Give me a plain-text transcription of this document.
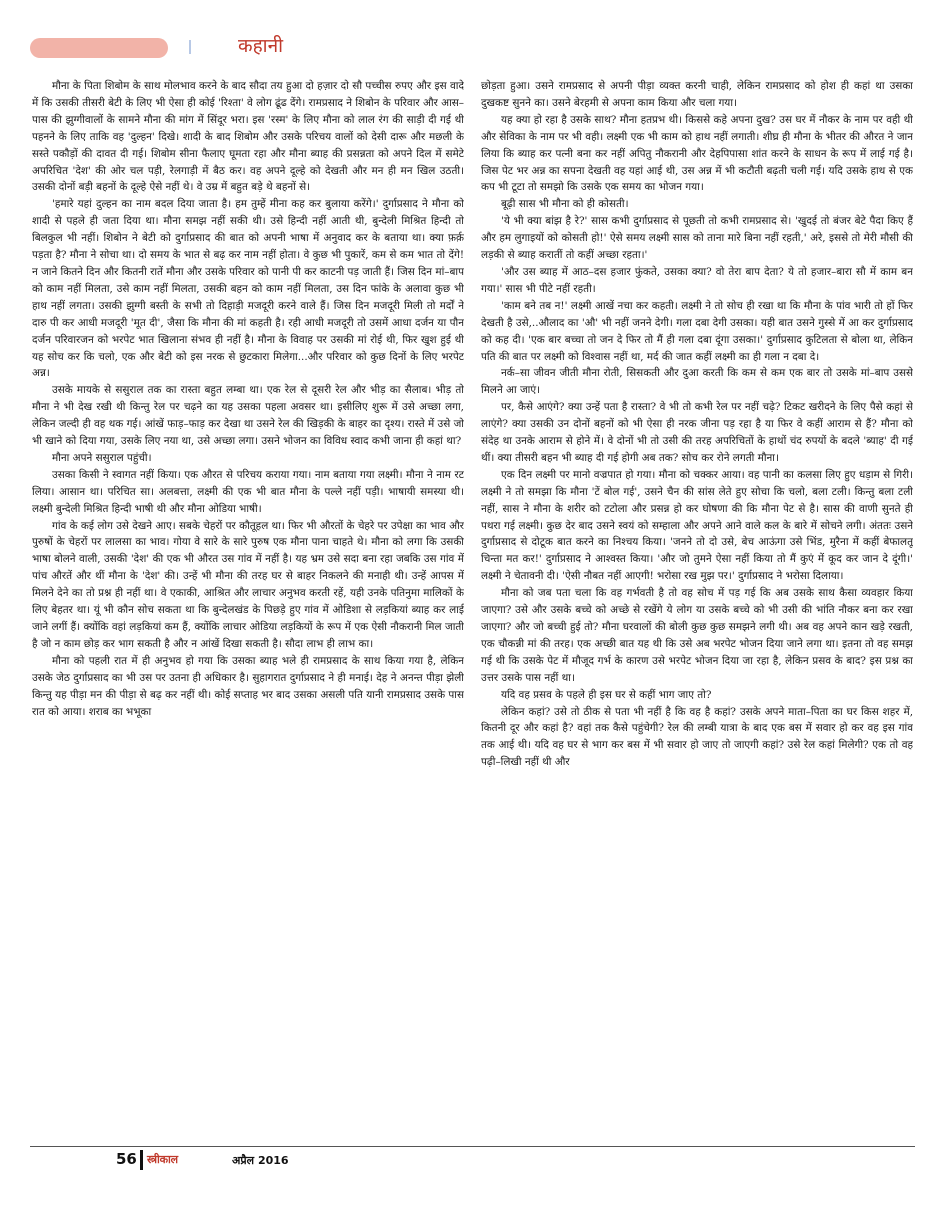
कहानी

मौना के पिता शिबोम के साथ मोलभाव करने के बाद सौदा तय हुआ दो हज़ार दो सौ पच्चीस रुपए और इस वादे में कि उसकी तीसरी बेटी के लिए भी ऐसा ही कोई 'रिश्ता' वे लोग ढूंढ देंगे। रामप्रसाद ने शिबोन के परिवार और आस–पास की झुग्गीवालों के सामने मौना की मांग में सिंदूर भरा। इस 'रस्म' के लिए मौना को लाल रंग की साड़ी दी गई थी पहनने के लिए ताकि वह 'दुल्हन' दिखे। शादी के बाद शिबोम और उसके परिचय वालों को देसी दारू और मछली के सस्ते पकौड़ों की दावत दी गई। शिबोम सीना फैलाए घूमता रहा और मौना ब्याह की प्रसन्नता को अपने दिल में समेटे अपरिचित 'देश' की ओर चल पड़ी, रेलगाड़ी में बैठ कर। वह अपने दूल्हे को देखती और मन ही मन खिल उठती। उसकी दोनों बड़ी बहनों के दूल्हे ऐसे नहीं थे। वे उम्र में बहुत बड़े थे बहनों से।

'हमारे यहां दुल्हन का नाम बदल दिया जाता है। हम तुम्हें मीना कह कर बुलाया करेंगे।' दुर्गाप्रसाद ने मौना को शादी से पहले ही जता दिया था। मौना समझ नहीं सकी थी। उसे हिन्दी नहीं आती थी, बुन्देली मिश्रित हिन्दी तो बिलकुल भी नहीं। शिबोन ने बेटी को दुर्गाप्रसाद की बात को अपनी भाषा में अनुवाद कर के बताया था। क्या फ़र्क़ पड़ता है? मौना ने सोचा था। दो समय के भात से बढ़ कर नाम नहीं होता। वे कुछ भी पुकारें, कम से कम भात तो देंगे! न जाने कितने दिन और कितनी रातें मौना और उसके परिवार को पानी पी कर काटनी पड़ जाती हैं। जिस दिन मां–बाप को काम नहीं मिलता, उसे काम नहीं मिलता, उसकी बहन को काम नहीं मिलता, उस दिन फांके के अलावा कुछ भी हाथ नहीं लगता। उसकी झुग्गी बस्ती के सभी तो दिहाड़ी मजदूरी करने वाले हैं। जिस दिन मजदूरी मिली तो मर्दों ने दारु पी कर आधी मजदूरी 'मूत दी', जैसा कि मौना की मां कहती है। रही आधी मजदूरी तो उसमें आधा दर्जन या पौन दर्जन परिवारजन को भरपेट भात खिलाना संभव ही नहीं है। मौना के विवाह पर उसकी मां रोई थी, फिर खुश हुई थी यह सोच कर कि चलो, एक और बेटी को इस नरक से छुटकारा मिलेगा...और परिवार को कुछ दिनों के लिए भरपेट अन्न।

उसके मायके से ससुराल तक का रास्ता बहुत लम्बा था। एक रेल से दूसरी रेल और भीड़ का सैलाब। भीड़ तो मौना ने भी देख रखी थी किन्तु रेल पर चढ़ने का यह उसका पहला अवसर था। इसीलिए शुरू में उसे अच्छा लगा, लेकिन जल्दी ही वह थक गई। आंखें फाड़–फाड़ कर देखा था उसने रेल की खिड़की के बाहर का दृश्य। रास्ते में उसे जो भी खाने को दिया गया, उसके लिए नया था, उसे अच्छा लगा। उसने भोजन का विविध स्वाद कभी जाना ही कहां था?

मौना अपने ससुराल पहुंची।

उसका किसी ने स्वागत नहीं किया। एक औरत से परिचय कराया गया। नाम बताया गया लक्ष्मी। मौना ने नाम रट लिया। आसान था। परिचित सा। अलबत्ता, लक्ष्मी की एक भी बात मौना के पल्ले नहीं पड़ी। भाषायी समस्या थी। लक्ष्मी बुन्देली मिश्रित हिन्दी भाषी थी और मौना ओडिया भाषी।

गांव के कई लोग उसे देखने आए। सबके चेहरों पर कौतूहल था। फिर भी औरतों के चेहरे पर उपेक्षा का भाव और पुरुषों के चेहरों पर लालसा का भाव। गोया वे सारे के सारे पुरुष एक मौना पाना चाहते थे। मौना को लगा कि उसकी भाषा बोलने वाली, उसकी 'देश' की एक भी औरत उस गांव में नहीं है। यह भ्रम उसे सदा बना रहा जबकि उस गांव में पांच औरतें और थीं मौना के 'देश' की। उन्हें भी मौना की तरह घर से बाहर निकलने की मनाही थी। उन्हें आपस में मिलने देने का तो प्रश्न ही नहीं था। वे एकाकी, आश्रित और लाचार अनुभव करती रहें, यही उनके पतिनुमा मालिकों के लिए बेहतर था। यूं भी कौन सोच सकता था कि बुन्देलखंड के पिछड़े हुए गांव में ओडिशा से लड़कियां ब्याह कर लाई जाने लगीं हैं। क्योंकि वहां लड़कियां कम हैं, क्योंकि लाचार ओडिया लड़कियों के रूप में एक ऐसी नौकरानी मिल जाती है जो न काम छोड़ कर भाग सकती है और न आंखें दिखा सकती है। सौदा लाभ ही लाभ का।

मौना को पहली रात में ही अनुभव हो गया कि उसका ब्याह भले ही रामप्रसाद के साथ किया गया है, लेकिन उसके जेठ दुर्गाप्रसाद का भी उस पर उतना ही अधिकार है। सुहागरात दुर्गाप्रसाद ने ही मनाई। देह ने अनन्त पीड़ा झेली किन्तु यह पीड़ा मन की पीड़ा से बढ़ कर नहीं थी। कोई सप्ताह भर बाद उसका असली पति यानी रामप्रसाद उसके पास रात को आया। शराब का भभूका

छोड़ता हुआ। उसने रामप्रसाद से अपनी पीड़ा व्यक्त करनी चाही, लेकिन रामप्रसाद को होश ही कहां था उसका दुखकष्ट सुनने का। उसने बेरहमी से अपना काम किया और चला गया।

यह क्या हो रहा है उसके साथ? मौना हतप्रभ थी। किससे कहे अपना दुख? उस घर में नौकर के नाम पर वही थी और सेविका के नाम पर भी वही। लक्ष्मी एक भी काम को हाथ नहीं लगाती। शीघ्र ही मौना के भीतर की औरत ने जान लिया कि ब्याह कर पत्नी बना कर नहीं अपितु नौकरानी और देहपिपासा शांत करने के साधन के रूप में लाई गई है। जिस पेट भर अन्न का सपना देखती वह यहां आई थी, उस अन्न में भी कटौती बढ़ती चली गई। यदि उसके हाथ से एक कप भी टूटा तो समझो कि उसके एक समय का भोजन गया।

बूढ़ी सास भी मौना को ही कोसती।

'ये भी क्या बांझ है रे?' सास कभी दुर्गाप्रसाद से पूछती तो कभी रामप्रसाद से। 'खुदई तो बंजर बेटे पैदा किए हैं और हम लुगाइयों को कोसती हो!' ऐसे समय लक्ष्मी सास को ताना मारे बिना नहीं रहती,' अरे, इससे तो मेरी मौसी की लड़की से ब्याह करातीं तो कहीं अच्छा रहता।'

'और उस ब्याह में आठ–दस हजार फुंकते, उसका क्या? वो तेरा बाप देता? ये तो हजार–बारा सौ में काम बन गया।' सास भी पीटे नहीं रहती।

'काम बने तब न!' लक्ष्मी आखें नचा कर कहती। लक्ष्मी ने तो सोच ही रखा था कि मौना के पांव भारी तो हों फिर देखती है उसे,..औलाद का 'औ' भी नहीं जनने देगी। गला दबा देगी उसका। यही बात उसने गुस्से में आ कर दुर्गाप्रसाद को कह दी। 'एक बार बच्चा तो जन दे फिर तो मैं ही गला दबा दूंगा उसका।' दुर्गाप्रसाद कुटिलता से बोला था, लेकिन पति की बात पर लक्ष्मी को विश्वास नहीं था, मर्द की जात कहीं लक्ष्मी का ही गला न दबा दे।

नर्क–सा जीवन जीती मौना रोती, सिसकती और दुआ करती कि कम से कम एक बार तो उसके मां–बाप उससे मिलने आ जाएं।

पर, कैसे आएंगे? क्या उन्हें पता है रास्ता? वे भी तो कभी रेल पर नहीं चढ़े? टिकट खरीदने के लिए पैसे कहां से लाएंगे? क्या उसकी उन दोनों बहनों को भी ऐसा ही नरक जीना पड़ रहा है या फिर वे कहीं आराम से हैं? मौना को संदेह था उनके आराम से होने में। वे दोनों भी तो उसी की तरह अपरिचितों के हाथों चंद रुपयों के बदले 'ब्याह' दी गई थीं। क्या तीसरी बहन भी ब्याह दी गई होगी अब तक? सोच कर रोने लगती मौना।

एक दिन लक्ष्मी पर मानो वज्रपात हो गया। मौना को चक्कर आया। वह पानी का कलसा लिए हुए धड़ाम से गिरी। लक्ष्मी ने तो समझा कि मौना 'टें बोल गई', उसने चैन की सांस लेते हुए सोचा कि चलो, बला टली। किन्तु बला टली नहीं, सास ने मौना के शरीर को टटोला और प्रसन्न हो कर घोषणा की कि मौना पेट से है। सास की वाणी सुनते ही पथरा गई लक्ष्मी। कुछ देर बाद उसने स्वयं को सम्हाला और अपने आने वाले कल के बारे में सोचने लगी। अंततः उसने दुर्गाप्रसाद से दोटूक बात करने का निश्चय किया। 'जनने तो दो उसे, बेच आऊंगा उसे भिंड, मुरैना में कहीं बेफालतू चिन्ता मत कर!' दुर्गाप्रसाद ने आश्वस्त किया। 'और जो तुमने ऐसा नहीं किया तो मैं कुएं में कूद कर जान दे दूंगी।' लक्ष्मी ने चेतावनी दी। 'ऐसी नौबत नहीं आएगी! भरोसा रख मुझ पर।' दुर्गाप्रसाद ने भरोसा दिलाया।

मौना को जब पता चला कि वह गर्भवती है तो वह सोच में पड़ गई कि अब उसके साथ कैसा व्यवहार किया जाएगा? उसे और उसके बच्चे को अच्छे से रखेंगे ये लोग या उसके बच्चे को भी उसी की भांति नौकर बना कर रखा जाएगा? और जो बच्ची हुई तो? मौना घरवालों की बोली कुछ कुछ समझने लगी थी। अब वह अपने कान खड़े रखती, एक चौकन्नी मां की तरह। एक अच्छी बात यह थी कि उसे अब भरपेट भोजन दिया जाने लगा था। इतना तो वह समझ गई थी कि उसके पेट में मौजूद गर्भ के कारण उसे भरपेट भोजन दिया जा रहा है, लेकिन प्रसव के बाद? इस प्रश्न का उत्तर उसके पास नहीं था।

यदि वह प्रसव के पहले ही इस घर से कहीं भाग जाए तो?

लेकिन कहां? उसे तो ठीक से पता भी नहीं है कि वह है कहां? उसके अपने माता–पिता का घर किस शहर में, कितनी दूर और कहां है? वहां तक कैसे पहुंचेगी? रेल की लम्बी यात्रा के बाद एक बस में सवार हो कर वह इस गांव तक आई थी। यदि वह घर से भाग कर बस में भी सवार हो जाए तो जाएगी कहां? उसे रेल कहां मिलेगी? एक तो वह पढ़ी–लिखी नहीं थी और

56 स्त्रीकाल	अप्रैल 2016
